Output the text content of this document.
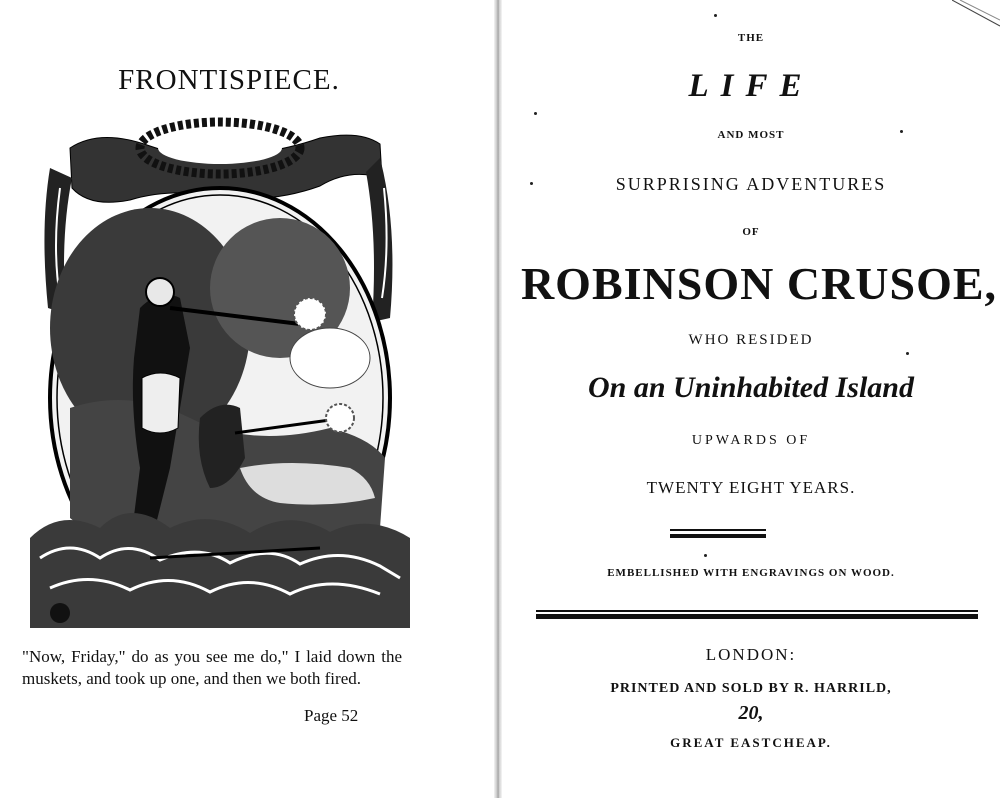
FRONTISPIECE.
"Now, Friday," do as you see me do," I laid down the muskets, and took up one, and then we both fired.
Page 52
THE
LIFE
AND MOST
SURPRISING ADVENTURES
OF
ROBINSON CRUSOE,
WHO RESIDED
On an Uninhabited Island
UPWARDS OF
TWENTY EIGHT YEARS.
EMBELLISHED WITH ENGRAVINGS ON WOOD.
LONDON:
PRINTED AND SOLD BY R. HARRILD,
20,
GREAT EASTCHEAP.
